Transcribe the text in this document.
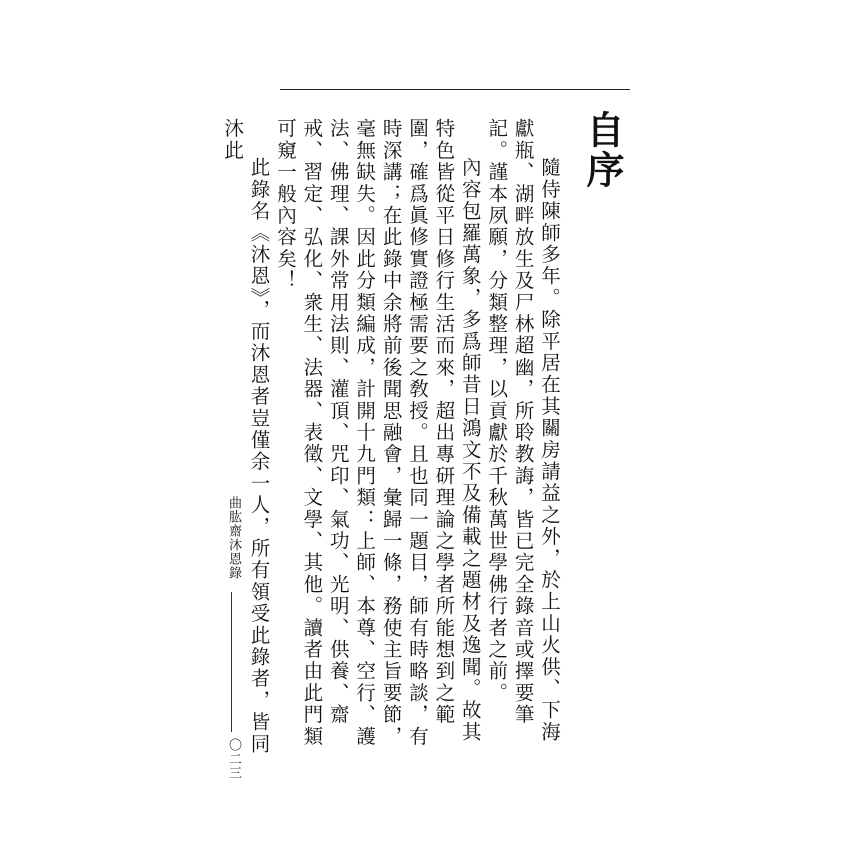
自序

隨侍陳師多年。除平居在其關房請益之外，於上山火供、下海獻瓶、湖畔放生及尸林超幽，所聆教誨，皆已完全錄音或擇要筆記。謹本夙願，分類整理，以貢獻於千秋萬世學佛行者之前。

內容包羅萬象，多爲師昔日鴻文不及備載之題材及逸聞。故其特色皆從平日修行生活而來，超出專研理論之學者所能想到之範圍，確爲眞修實證極需要之敎授。且也同一題目，師有時略談，有時深講；在此錄中余將前後聞思融會，彙歸一條，務使主旨要節，毫無缺失。因此分類編成，計開十九門類：上師、本尊、空行、護法、佛理、課外常用法則、灌頂、咒印、氣功、光明、供養、齋戒、習定、弘化、衆生、法器、表徵、文學、其他。讀者由此門類可窺一般內容矣！

此錄名《沐恩》，而沐恩者豈僅余一人，所有領受此錄者，皆同沐此

曲肱齋沐恩錄
〇二三
